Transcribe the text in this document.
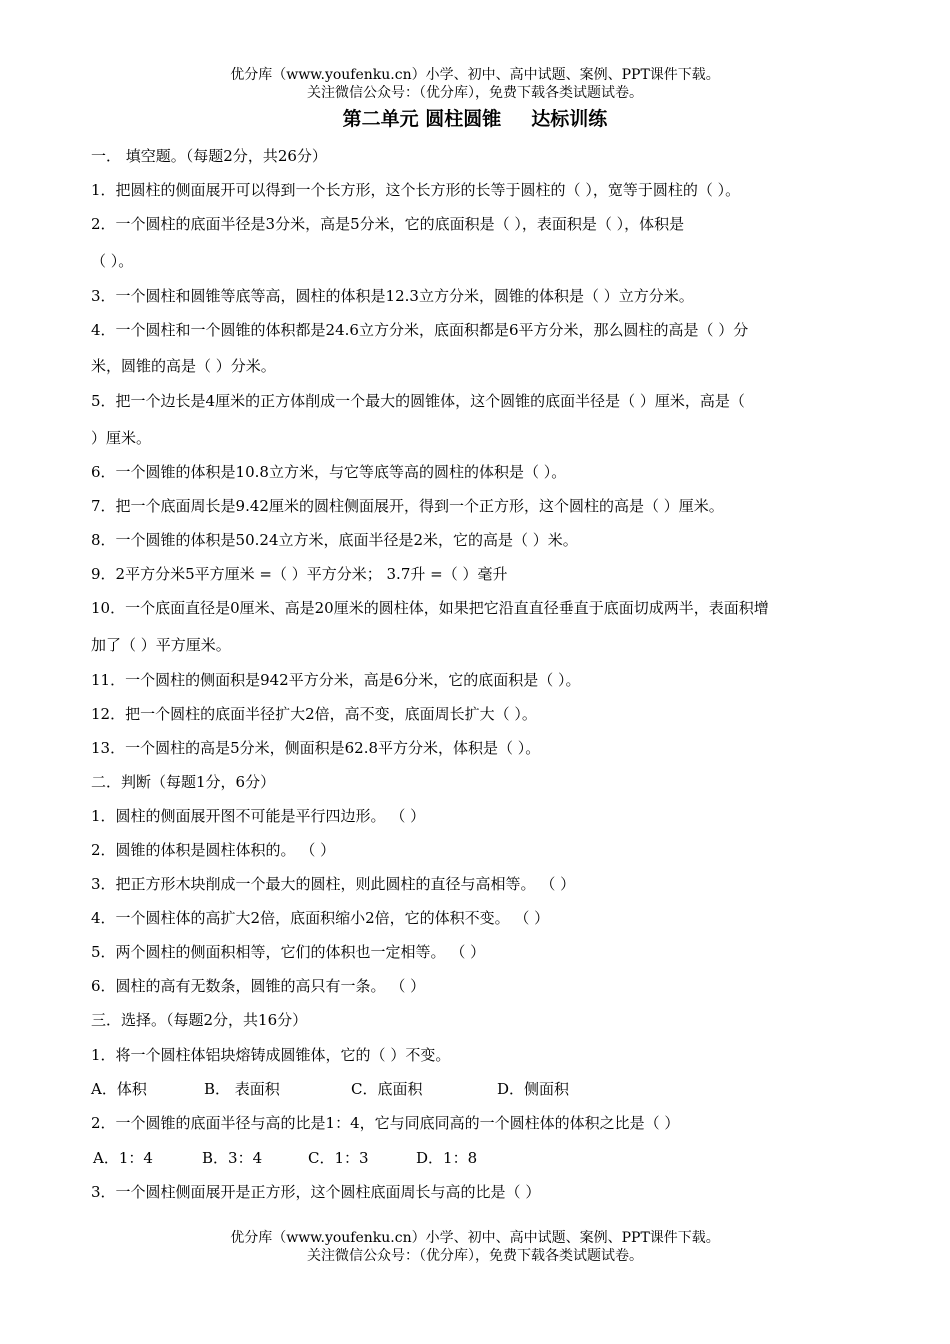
优分库（www.youfenku.cn）小学、初中、高中试题、案例、PPT课件下载。
关注微信公众号：（优分库），免费下载各类试题试卷。
第二单元 圆柱圆锥 达标训练
一． 填空题。（每题2分，共26分）
1．把圆柱的侧面展开可以得到一个长方形，这个长方形的长等于圆柱的（ ），宽等于圆柱的（ ）。
2．一个圆柱的底面半径是3分米，高是5分米，它的底面积是（ ），表面积是（ ），体积是
（ ）。
3．一个圆柱和圆锥等底等高，圆柱的体积是12.3立方分米，圆锥的体积是（ ）立方分米。
4．一个圆柱和一个圆锥的体积都是24.6立方分米，底面积都是6平方分米，那么圆柱的高是（ ）分
米，圆锥的高是（ ）分米。
5．把一个边长是4厘米的正方体削成一个最大的圆锥体，这个圆锥的底面半径是（ ）厘米，高是（
）厘米。
6．一个圆锥的体积是10.8立方米，与它等底等高的圆柱的体积是（ ）。
7．把一个底面周长是9.42厘米的圆柱侧面展开，得到一个正方形，这个圆柱的高是（ ）厘米。
8．一个圆锥的体积是50.24立方米，底面半径是2米，它的高是（ ）米。
9．2平方分米5平方厘米 =（ ）平方分米； 3.7升 =（ ）毫升
10．一个底面直径是0厘米、高是20厘米的圆柱体，如果把它沿直直径垂直于底面切成两半，表面积增
加了（ ）平方厘米。
11．一个圆柱的侧面积是942平方分米，高是6分米，它的底面积是（ ）。
12．把一个圆柱的底面半径扩大2倍，高不变，底面周长扩大（ ）。
13．一个圆柱的高是5分米，侧面积是62.8平方分米，体积是（ ）。
二．判断（每题1分，6分）
1．圆柱的侧面展开图不可能是平行四边形。 （ ）
2．圆锥的体积是圆柱体积的。 （ ）
3．把正方形木块削成一个最大的圆柱，则此圆柱的直径与高相等。 （ ）
4．一个圆柱体的高扩大2倍，底面积缩小2倍，它的体积不变。 （ ）
5．两个圆柱的侧面积相等，它们的体积也一定相等。 （ ）
6．圆柱的高有无数条，圆锥的高只有一条。 （ ）
三．选择。（每题2分，共16分）
1．将一个圆柱体铝块熔铸成圆锥体，它的（ ）不变。
A．体积	B． 表面积	C．底面积	D．侧面积
2．一个圆锥的底面半径与高的比是1：4，它与同底同高的一个圆柱体的体积之比是（ ）
A．1：4	B．3：4	C．1：3	D．1：8
3．一个圆柱侧面展开是正方形，这个圆柱底面周长与高的比是（ ）
优分库（www.youfenku.cn）小学、初中、高中试题、案例、PPT课件下载。
关注微信公众号：（优分库），免费下载各类试题试卷。
